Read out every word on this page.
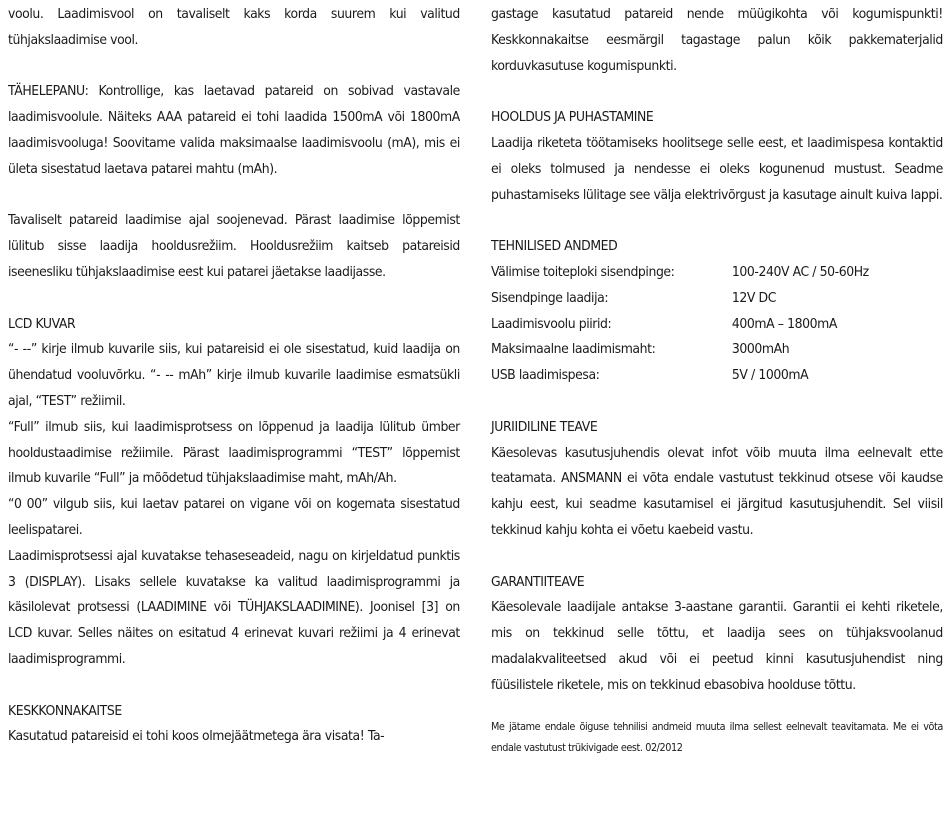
voolu. Laadimisvool on tavaliselt kaks korda suurem kui valitud tühjakslaadimise vool.

TÄHELEPANU: Kontrollige, kas laetavad patareid on sobivad vastavale laadimisvoolule. Näiteks AAA patareid ei tohi laadida 1500mA või 1800mA laadimisvooluga! Soovitame valida maksimaalse laadimisvoolu (mA), mis ei ületa sisestatud laetava patarei mahtu (mAh).

Tavaliselt patareid laadimise ajal soojenevad. Pärast laadimise lõppemist lülitub sisse laadija hooldusrežiim. Hooldusrežiim kaitseb patareisid iseenesliku tühjakslaadimise eest kui patarei jäetakse laadijasse.

LCD KUVAR

“- --” kirje ilmub kuvarile siis, kui patareisid ei ole sisestatud, kuid laadija on ühendatud vooluvõrku. “- -- mAh” kirje ilmub kuvarile laadimise esmatsükli ajal, “TEST” režiimil.

“Full” ilmub siis, kui laadimisprotsess on lõppenud ja laadija lülitub ümber hooldustaadimise režiimile. Pärast laadimisprogrammi “TEST” lõppemist ilmub kuvarile “Full” ja mõõdetud tühjakslaadimise maht, mAh/Ah.

“0 00” vilgub siis, kui laetav patarei on vigane või on kogemata sisestatud leelispatarei.

Laadimisprotsessi ajal kuvatakse tehaseseadeid, nagu on kirjeldatud punktis 3 (DISPLAY). Lisaks sellele kuvatakse ka valitud laadimisprogrammi ja käsilolevat protsessi (LAADIMINE või TÜHJAKSLAADIMINE). Joonisel [3] on LCD kuvar. Selles näites on esitatud 4 erinevat kuvari režiimi ja 4 erinevat laadimisprogrammi.

KESKKONNAKAITSE

Kasutatud patareisid ei tohi koos olmejäätmetega ära visata! Ta-

gastage kasutatud patareid nende müügikohta või kogumispunkti! Keskkonnakaitse eesmärgil tagastage palun kõik pakkematerjalid korduvkasutuse kogumispunkti.

HOOLDUS JA PUHASTAMINE

Laadija riketeta töötamiseks hoolitsege selle eest, et laadimispesa kontaktid ei oleks tolmused ja nendesse ei oleks kogunenud mustust. Seadme puhastamiseks lülitage see välja elektrivõrgust ja kasutage ainult kuiva lappi.

TEHNILISED ANDMED

Välimise toiteploki sisendpinge:	100-240V AC / 50-60Hz
Sisendpinge laadija:	12V DC
Laadimisvoolu piirid:	400mA – 1800mA
Maksimaalne laadimismaht:	3000mAh
USB laadimispesa:	5V / 1000mA

JURIIDILINE TEAVE

Käesolevas kasutusjuhendis olevat infot võib muuta ilma eelnevalt ette teatamata. ANSMANN ei võta endale vastutust tekkinud otsese või kaudse kahju eest, kui seadme kasutamisel ei järgitud kasutusjuhendit. Sel viisil tekkinud kahju kohta ei võetu kaebeid vastu.

GARANTIITEAVE

Käesolevale laadijale antakse 3-aastane garantii. Garantii ei kehti riketele, mis on tekkinud selle tõttu, et laadija sees on tühjaksvoolanud madalakvaliteetsed akud või ei peetud kinni kasutusjuhendist ning füüsilistele riketele, mis on tekkinud ebasobiva hoolduse tõttu.

Me jätame endale õiguse tehnilisi andmeid muuta ilma sellest eelnevalt teavitamata. Me ei võta endale vastutust trükivigade eest. 02/2012
